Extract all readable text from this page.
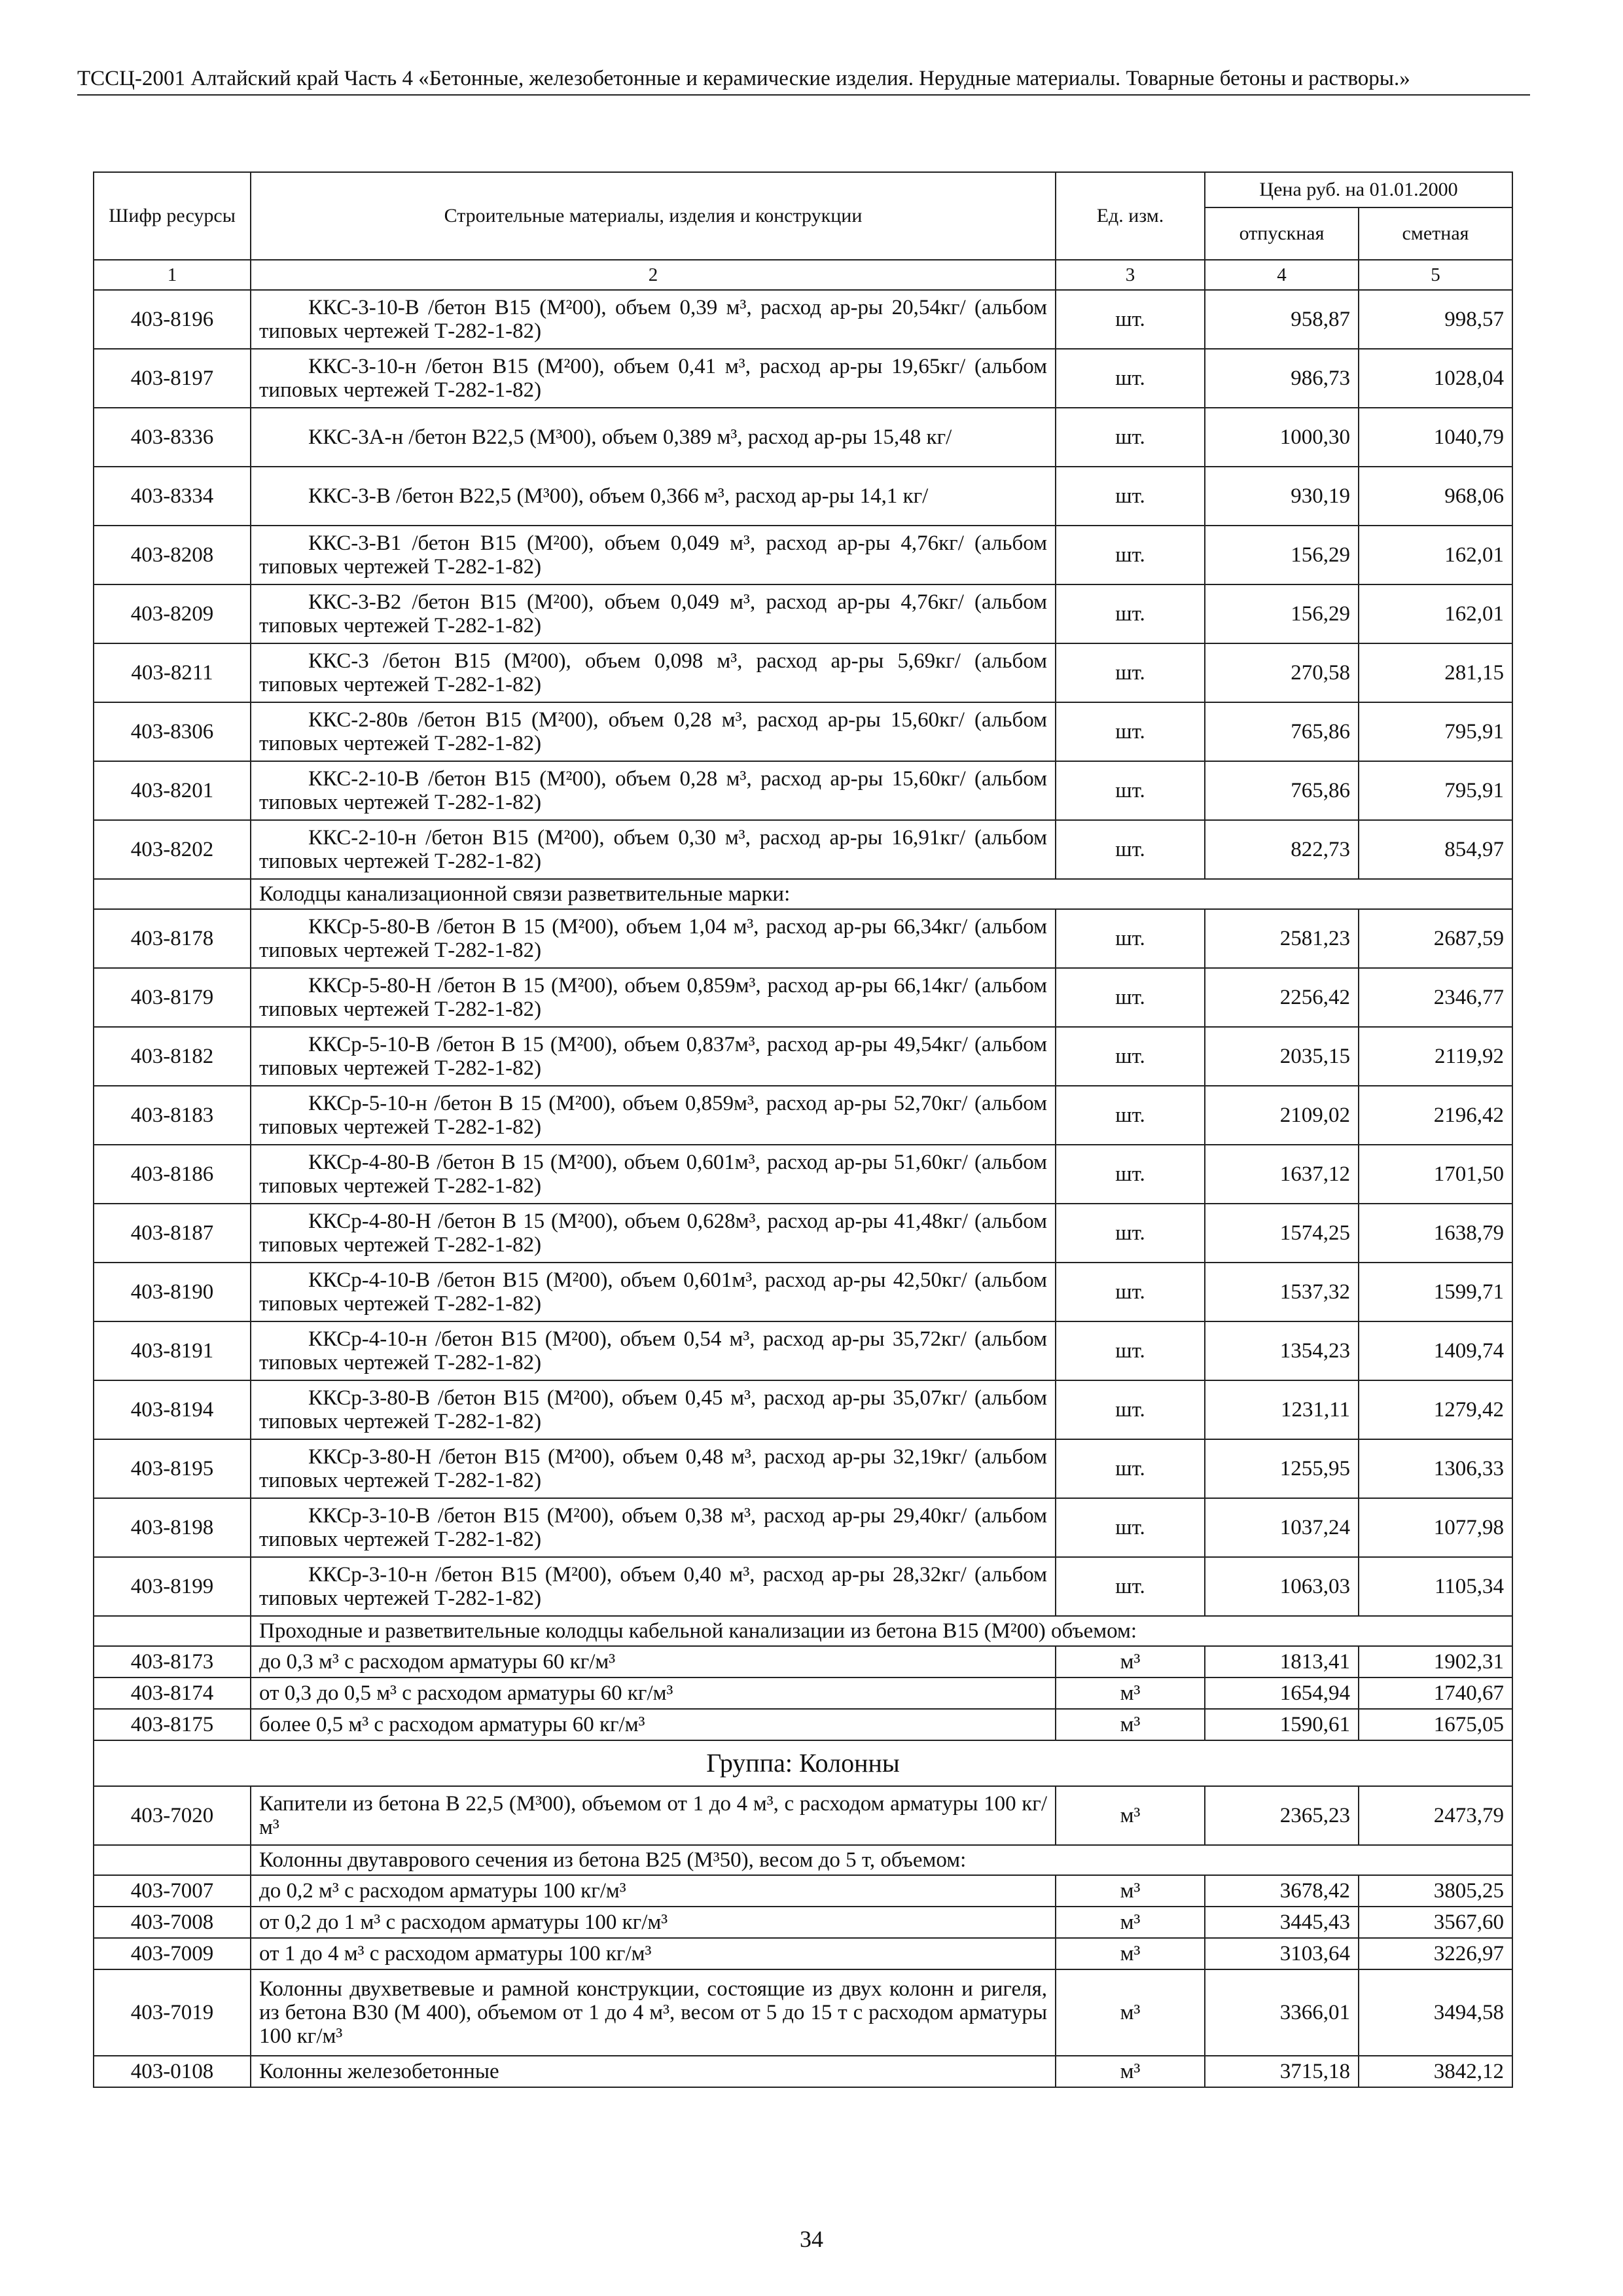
ТССЦ-2001 Алтайский край Часть 4 «Бетонные, железобетонные и керамические изделия. Нерудные материалы. Товарные бетоны и растворы.»
Шифр ресурсы	Строительные материалы, изделия и конструкции	Ед. изм.	Цена руб. на 01.01.2000	
			отпускная	сметная
1	2	3	4	5
403-8196	ККС-3-10-В /бетон В15 (М²00), объем 0,39 м³, расход ар-ры 20,54кг/ (альбом типовых чертежей Т-282-1-82)	шт.	958,87	998,57
403-8197	ККС-3-10-н /бетон В15 (М²00), объем 0,41 м³, расход ар-ры 19,65кг/ (альбом типовых чертежей Т-282-1-82)	шт.	986,73	1028,04
403-8336	ККС-3А-н /бетон В22,5 (М³00), объем 0,389 м³, расход ар-ры 15,48 кг/	шт.	1000,30	1040,79
403-8334	ККС-3-В /бетон В22,5 (М³00), объем 0,366 м³, расход ар-ры 14,1 кг/	шт.	930,19	968,06
403-8208	ККС-3-В1 /бетон В15 (М²00), объем 0,049 м³, расход ар-ры 4,76кг/ (альбом типовых чертежей Т-282-1-82)	шт.	156,29	162,01
403-8209	ККС-3-В2 /бетон В15 (М²00), объем 0,049 м³, расход ар-ры 4,76кг/ (альбом типовых чертежей Т-282-1-82)	шт.	156,29	162,01
403-8211	ККС-3 /бетон В15 (М²00), объем 0,098 м³, расход ар-ры 5,69кг/ (альбом типовых чертежей Т-282-1-82)	шт.	270,58	281,15
403-8306	ККС-2-80в /бетон В15 (М²00), объем 0,28 м³, расход ар-ры 15,60кг/ (альбом типовых чертежей Т-282-1-82)	шт.	765,86	795,91
403-8201	ККС-2-10-В /бетон В15 (М²00), объем 0,28 м³, расход ар-ры 15,60кг/ (альбом типовых чертежей Т-282-1-82)	шт.	765,86	795,91
403-8202	ККС-2-10-н /бетон В15 (М²00), объем 0,30 м³, расход ар-ры 16,91кг/ (альбом типовых чертежей Т-282-1-82)	шт.	822,73	854,97
	Колодцы канализационной связи разветвительные марки:			
403-8178	ККСр-5-80-В /бетон В 15 (М²00), объем 1,04 м³, расход ар-ры 66,34кг/ (альбом типовых чертежей Т-282-1-82)	шт.	2581,23	2687,59
403-8179	ККСр-5-80-Н /бетон В 15 (М²00), объем 0,859м³, расход ар-ры 66,14кг/ (альбом типовых чертежей Т-282-1-82)	шт.	2256,42	2346,77
403-8182	ККСр-5-10-В /бетон В 15 (М²00), объем 0,837м³, расход ар-ры 49,54кг/ (альбом типовых чертежей Т-282-1-82)	шт.	2035,15	2119,92
403-8183	ККСр-5-10-н /бетон В 15 (М²00), объем 0,859м³, расход ар-ры 52,70кг/ (альбом типовых чертежей Т-282-1-82)	шт.	2109,02	2196,42
403-8186	ККСр-4-80-В /бетон В 15 (М²00), объем 0,601м³, расход ар-ры 51,60кг/ (альбом типовых чертежей Т-282-1-82)	шт.	1637,12	1701,50
403-8187	ККСр-4-80-Н /бетон В 15 (М²00), объем 0,628м³, расход ар-ры 41,48кг/ (альбом типовых чертежей Т-282-1-82)	шт.	1574,25	1638,79
403-8190	ККСр-4-10-В /бетон В15 (М²00), объем 0,601м³, расход ар-ры 42,50кг/ (альбом типовых чертежей Т-282-1-82)	шт.	1537,32	1599,71
403-8191	ККСр-4-10-н /бетон В15 (М²00), объем 0,54 м³, расход ар-ры 35,72кг/ (альбом типовых чертежей Т-282-1-82)	шт.	1354,23	1409,74
403-8194	ККСр-3-80-В /бетон В15 (М²00), объем 0,45 м³, расход ар-ры 35,07кг/ (альбом типовых чертежей Т-282-1-82)	шт.	1231,11	1279,42
403-8195	ККСр-3-80-Н /бетон В15 (М²00), объем 0,48 м³, расход ар-ры 32,19кг/ (альбом типовых чертежей Т-282-1-82)	шт.	1255,95	1306,33
403-8198	ККСр-3-10-В /бетон В15 (М²00), объем 0,38 м³, расход ар-ры 29,40кг/ (альбом типовых чертежей Т-282-1-82)	шт.	1037,24	1077,98
403-8199	ККСр-3-10-н /бетон В15 (М²00), объем 0,40 м³, расход ар-ры 28,32кг/ (альбом типовых чертежей Т-282-1-82)	шт.	1063,03	1105,34
	Проходные и разветвительные колодцы кабельной канализации из бетона В15 (М²00) объемом:			
403-8173	до 0,3 м³ с расходом арматуры 60 кг/м³	м³	1813,41	1902,31
403-8174	от 0,3 до 0,5 м³ с расходом арматуры 60 кг/м³	м³	1654,94	1740,67
403-8175	более 0,5 м³ с расходом арматуры 60 кг/м³	м³	1590,61	1675,05
Группа: Колонны				
403-7020	Капители из бетона В 22,5 (М³00), объемом от 1 до 4 м³, с расходом арматуры 100 кг/м³	м³	2365,23	2473,79
	Колонны двутаврового сечения из бетона В25 (М³50), весом до 5 т, объемом:			
403-7007	до 0,2 м³ с расходом арматуры 100 кг/м³	м³	3678,42	3805,25
403-7008	от 0,2 до 1 м³ с расходом арматуры 100 кг/м³	м³	3445,43	3567,60
403-7009	от 1 до 4 м³ с расходом арматуры 100 кг/м³	м³	3103,64	3226,97
403-7019	Колонны двухветвевые и рамной конструкции, состоящие из двух колонн и ригеля, из бетона В30 (М 400), объемом от 1 до 4 м³, весом от 5 до 15 т с расходом арматуры 100 кг/м³	м³	3366,01	3494,58
403-0108	Колонны железобетонные	м³	3715,18	3842,12
34
